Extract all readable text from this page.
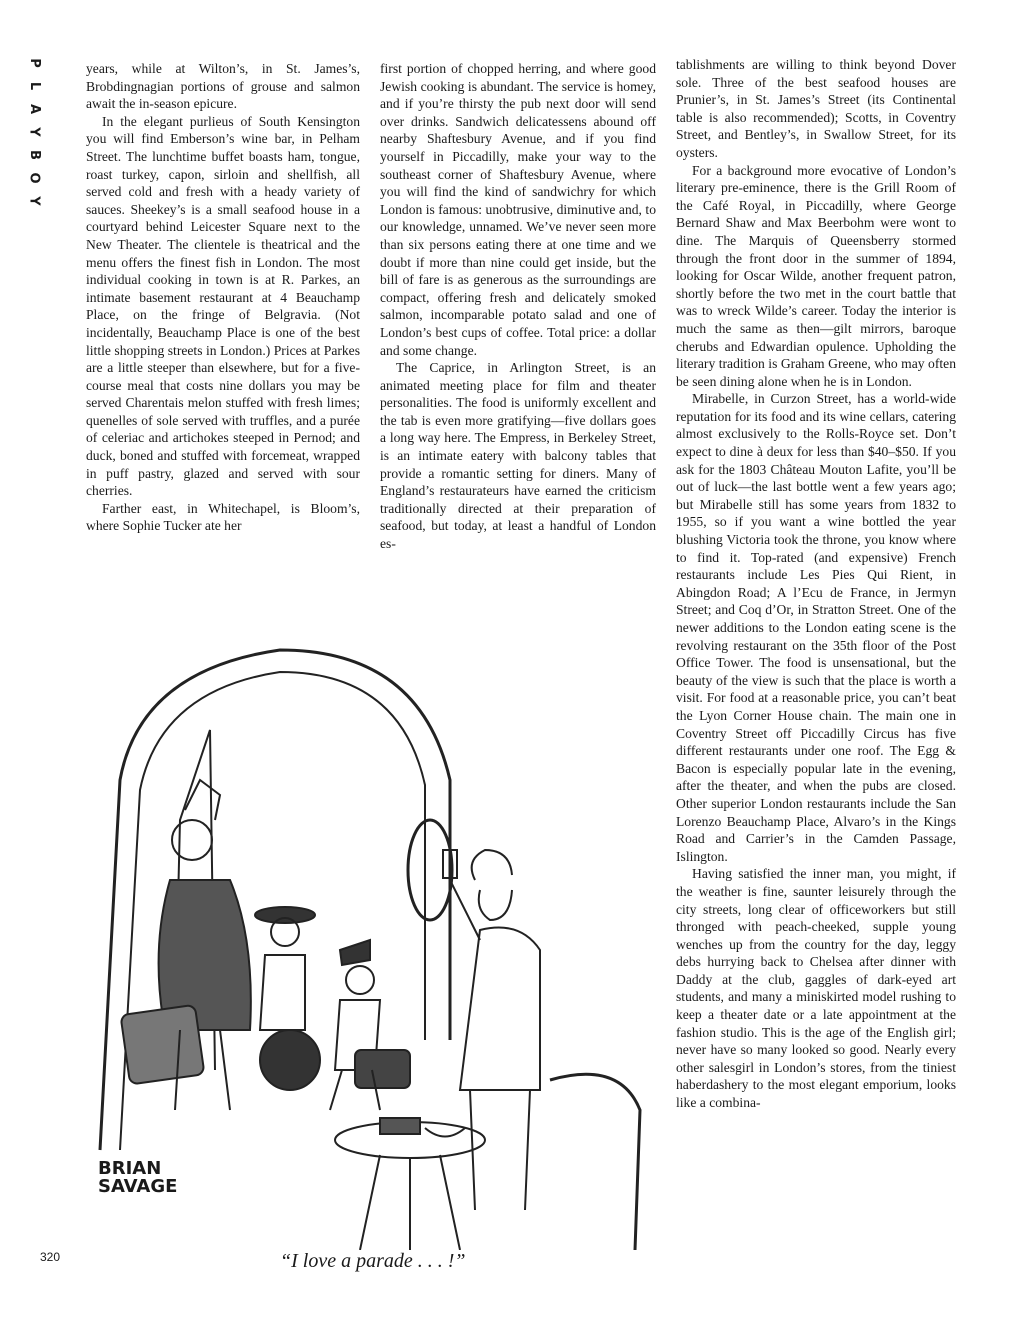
P
L
A
Y
B
O
Y

years, while at Wilton’s, in St. James’s, Brobdingnagian portions of grouse and salmon await the in-season epicure.

In the elegant purlieus of South Kensington you will find Emberson’s wine bar, in Pelham Street. The lunchtime buffet boasts ham, tongue, roast turkey, capon, sirloin and shellfish, all served cold and fresh with a heady variety of sauces. Sheekey’s is a small seafood house in a courtyard behind Leicester Square next to the New Theater. The clientele is theatrical and the menu offers the finest fish in London. The most individual cooking in town is at R. Parkes, an intimate basement restaurant at 4 Beauchamp Place, on the fringe of Belgravia. (Not incidentally, Beauchamp Place is one of the best little shopping streets in London.) Prices at Parkes are a little steeper than elsewhere, but for a five-course meal that costs nine dollars you may be served Charentais melon stuffed with fresh limes; quenelles of sole served with truffles, and a purée of celeriac and artichokes steeped in Pernod; and duck, boned and stuffed with forcemeat, wrapped in puff pastry, glazed and served with sour cherries.

Farther east, in Whitechapel, is Bloom’s, where Sophie Tucker ate her

first portion of chopped herring, and where good Jewish cooking is abundant. The service is homey, and if you’re thirsty the pub next door will send over drinks. Sandwich delicatessens abound off nearby Shaftesbury Avenue, and if you find yourself in Piccadilly, make your way to the southeast corner of Shaftesbury Avenue, where you will find the kind of sandwichry for which London is famous: unobtrusive, diminutive and, to our knowledge, unnamed. We’ve never seen more than six persons eating there at one time and we doubt if more than nine could get inside, but the bill of fare is as generous as the surroundings are compact, offering fresh and delicately smoked salmon, incomparable potato salad and one of London’s best cups of coffee. Total price: a dollar and some change.

The Caprice, in Arlington Street, is an animated meeting place for film and theater personalities. The food is uniformly excellent and the tab is even more gratifying—five dollars goes a long way here. The Empress, in Berkeley Street, is an intimate eatery with balcony tables that provide a romantic setting for diners. Many of England’s restaurateurs have earned the criticism traditionally directed at their preparation of seafood, but today, at least a handful of London es-

tablishments are willing to think beyond Dover sole. Three of the best seafood houses are Prunier’s, in St. James’s Street (its Continental table is also recommended); Scotts, in Coventry Street, and Bentley’s, in Swallow Street, for its oysters.

For a background more evocative of London’s literary pre-eminence, there is the Grill Room of the Café Royal, in Piccadilly, where George Bernard Shaw and Max Beerbohm were wont to dine. The Marquis of Queensberry stormed through the front door in the summer of 1894, looking for Oscar Wilde, another frequent patron, shortly before the two met in the court battle that was to wreck Wilde’s career. Today the interior is much the same as then—gilt mirrors, baroque cherubs and Edwardian opulence. Upholding the literary tradition is Graham Greene, who may often be seen dining alone when he is in London.

Mirabelle, in Curzon Street, has a world-wide reputation for its food and its wine cellars, catering almost exclusively to the Rolls-Royce set. Don’t expect to dine à deux for less than $40–$50. If you ask for the 1803 Château Mouton Lafite, you’ll be out of luck—the last bottle went a few years ago; but Mirabelle still has some years from 1832 to 1955, so if you want a wine bottled the year blushing Victoria took the throne, you know where to find it. Top-rated (and expensive) French restaurants include Les Pies Qui Rient, in Abingdon Road; A l’Ecu de France, in Jermyn Street; and Coq d’Or, in Stratton Street. One of the newer additions to the London eating scene is the revolving restaurant on the 35th floor of the Post Office Tower. The food is unsensational, but the beauty of the view is such that the place is worth a visit. For food at a reasonable price, you can’t beat the Lyon Corner House chain. The main one in Coventry Street off Piccadilly Circus has five different restaurants under one roof. The Egg & Bacon is especially popular late in the evening, after the theater, and when the pubs are closed. Other superior London restaurants include the San Lorenzo Beauchamp Place, Alvaro’s in the Kings Road and Carrier’s in the Camden Passage, Islington.

Having satisfied the inner man, you might, if the weather is fine, saunter leisurely through the city streets, long clear of officeworkers but still thronged with peach-cheeked, supple young wenches up from the country for the day, leggy debs hurrying back to Chelsea after dinner with Daddy at the club, gaggles of dark-eyed art students, and many a miniskirted model rushing to keep a theater date or a late appointment at the fashion studio. This is the age of the English girl; never have so many looked so good. Nearly every other salesgirl in London’s stores, from the tiniest haberdashery to the most elegant emporium, looks like a combina-

BRIAN
SAVAGE
320	“I love a parade . . . !”
